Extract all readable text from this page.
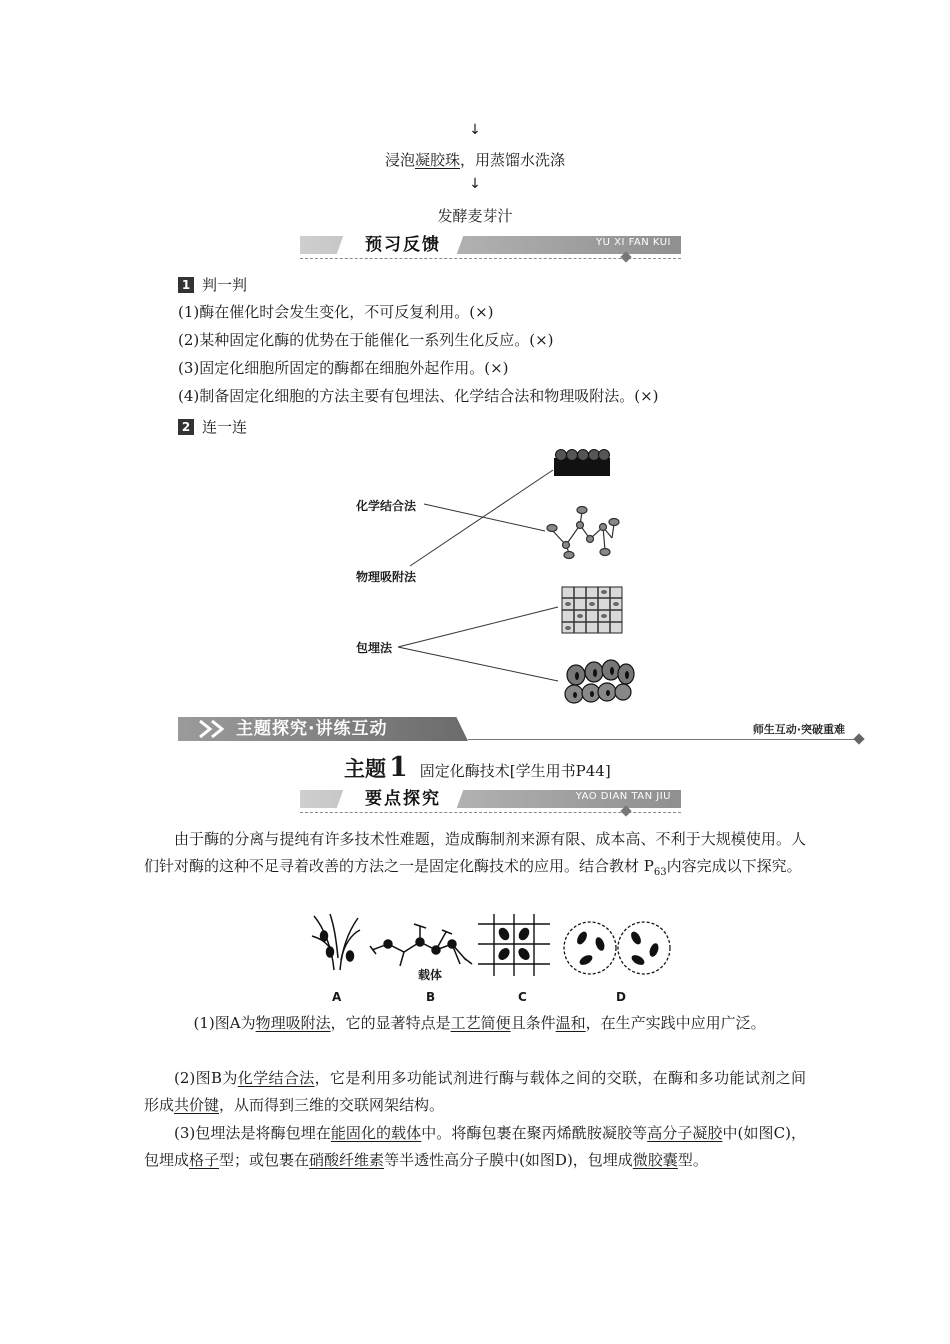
↓
浸泡凝胶珠，用蒸馏水洗涤
↓
发酵麦芽汁
预习反馈	YU XI FAN KUI
1 判一判
(1)酶在催化时会发生变化，不可反复利用。(×)
(2)某种固定化酶的优势在于能催化一系列生化反应。(×)
(3)固定化细胞所固定的酶都在细胞外起作用。(×)
(4)制备固定化细胞的方法主要有包埋法、化学结合法和物理吸附法。(×)
2 连一连
化学结合法
物理吸附法
包埋法
主题探究·讲练互动	师生互动·突破重难
主题 1 固定化酶技术[学生用书P44]
要点探究	YAO DIAN TAN JIU
由于酶的分离与提纯有许多技术性难题，造成酶制剂来源有限、成本高、不利于大规模使用。人们针对酶的这种不足寻着改善的方法之一是固定化酶技术的应用。结合教材 $P_{63}$内容完成以下探究。
载体
A	B	C	D
(1)图A为物理吸附法，它的显著特点是工艺简便且条件温和，在生产实践中应用广泛。
(2)图B为化学结合法，它是利用多功能试剂进行酶与载体之间的交联，在酶和多功能试剂之间形成共价键，从而得到三维的交联网架结构。
(3)包埋法是将酶包埋在能固化的载体中。将酶包裹在聚丙烯酰胺凝胶等高分子凝胶中(如图C)，包埋成格子型；或包裹在硝酸纤维素等半透性高分子膜中(如图D)，包埋成微胶囊型。
